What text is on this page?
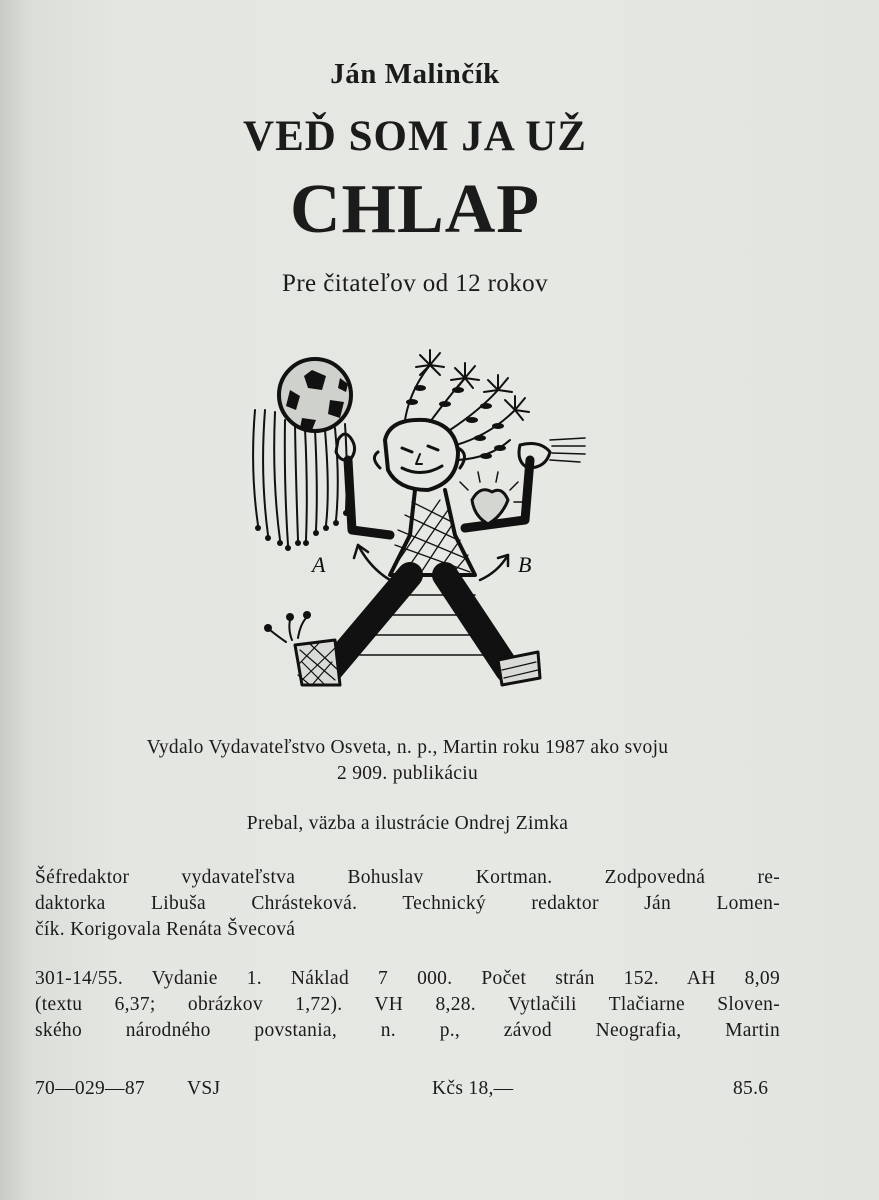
Ján Malinčík
VEĎ SOM JA UŽ
CHLAP
Pre čitateľov od 12 rokov
A	B
Vydalo Vydavateľstvo Osveta, n. p., Martin roku 1987 ako svoju
2 909. publikáciu
Prebal, väzba a ilustrácie Ondrej Zimka
Šéfredaktor vydavateľstva Bohuslav Kortman. Zodpovedná re-
daktorka Libuša Chrásteková. Technický redaktor Ján Lomen-
čík. Korigovala Renáta Švecová
301-14/55. Vydanie 1. Náklad 7 000. Počet strán 152. AH 8,09
(textu 6,37; obrázkov 1,72). VH 8,28. Vytlačili Tlačiarne Sloven-
ského národného povstania, n. p., závod Neografia, Martin
70—029—87 VSJ	Kčs 18,—	85.6
